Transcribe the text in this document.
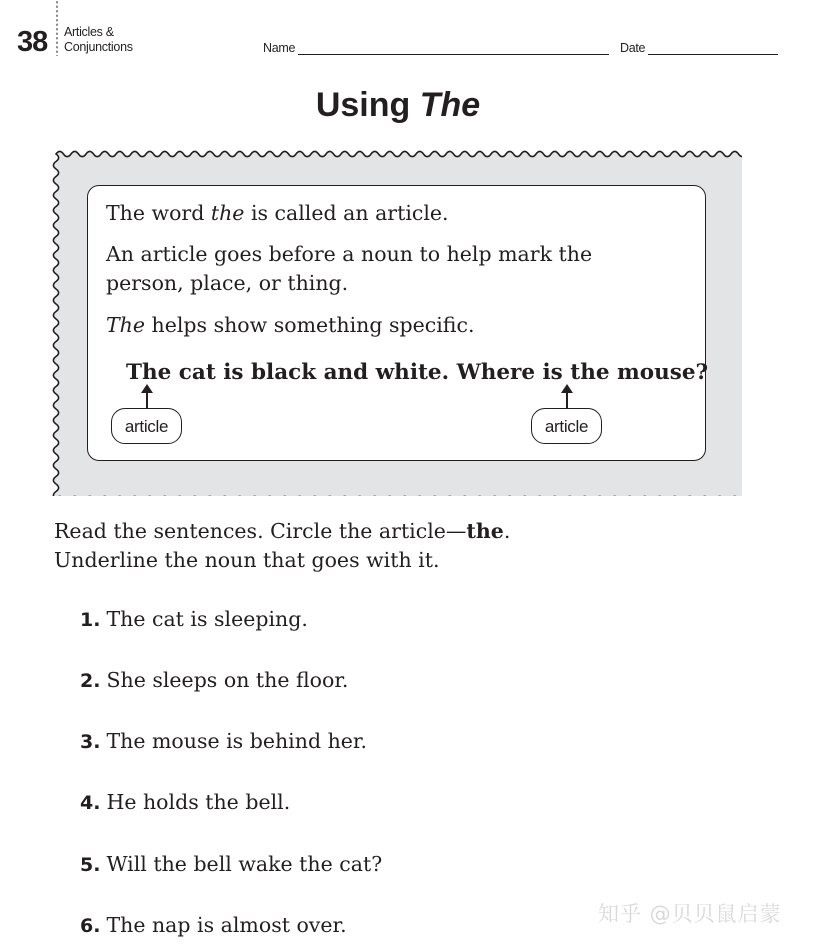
38 Articles &
Conjunctions	Name	Date
Using The
The word the is called an article.
An article goes before a noun to help mark the
person, place, or thing.
The helps show something specific.
The cat is black and white. Where is the mouse?
article	article
Read the sentences. Circle the article—the.
Underline the noun that goes with it.
1. The cat is sleeping.
2. She sleeps on the floor.
3. The mouse is behind her.
4. He holds the bell.
5. Will the bell wake the cat?
6. The nap is almost over.	知乎 @贝贝鼠启蒙
